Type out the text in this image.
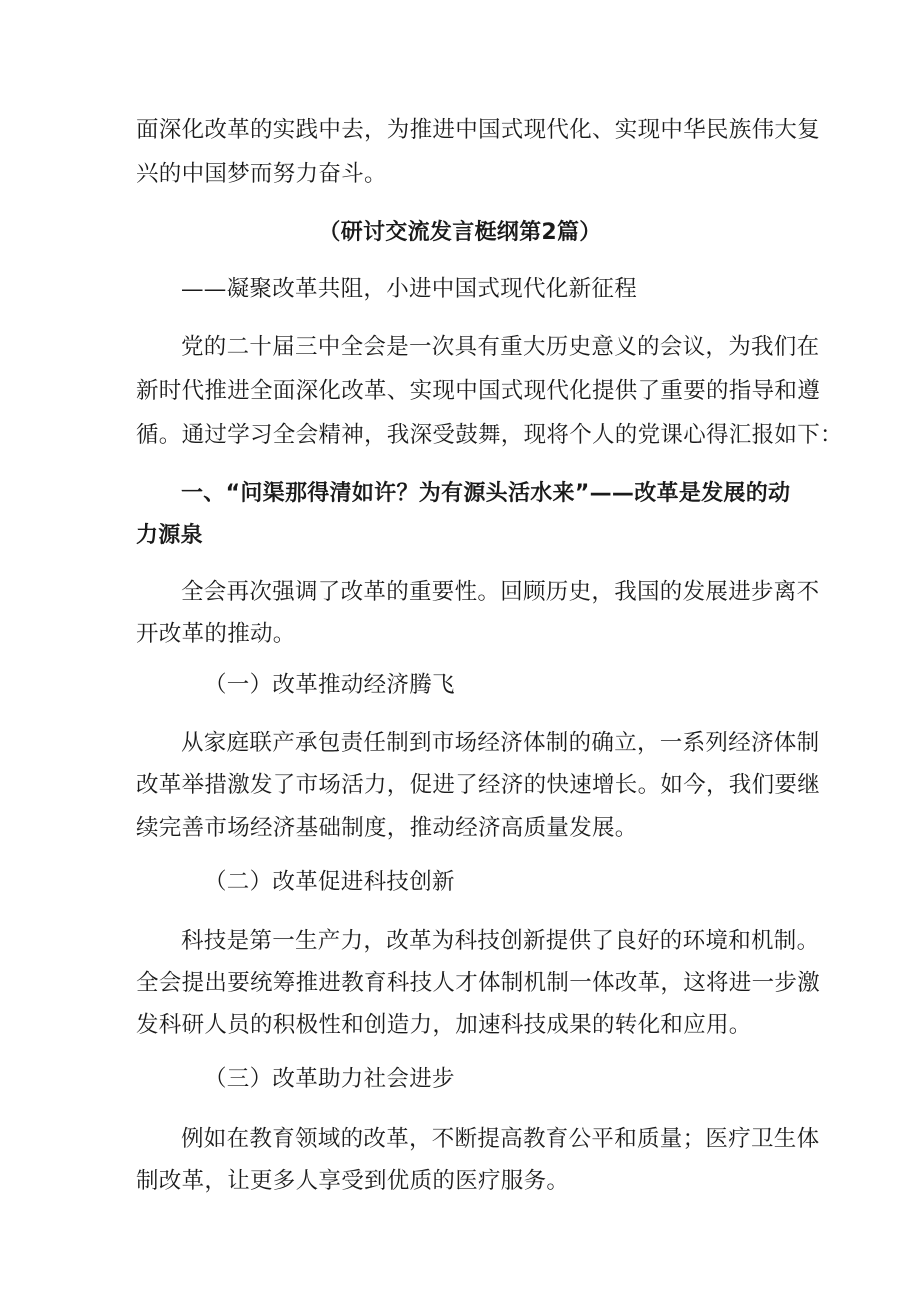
面深化改革的实践中去，为推进中国式现代化、实现中华民族伟大复

兴的中国梦而努力奋斗。

（研讨交流发言梃纲第2篇）

——凝聚改革共阻，小进中国式现代化新征程

党的二十届三中全会是一次具有重大历史意义的会议，为我们在

新时代推进全面深化改革、实现中国式现代化提供了重要的指导和遵

循。通过学习全会精神，我深受鼓舞，现将个人的党课心得汇报如下：

一、“问渠那得清如许？为有源头活水来”——改革是发展的动

力源泉

全会再次强调了改革的重要性。回顾历史，我国的发展进步离不

开改革的推动。

（一）改革推动经济腾飞

从家庭联产承包责任制到市场经济体制的确立，一系列经济体制

改革举措激发了市场活力，促进了经济的快速增长。如今，我们要继

续完善市场经济基础制度，推动经济高质量发展。

（二）改革促进科技创新

科技是第一生产力，改革为科技创新提供了良好的环境和机制。

全会提出要统筹推进教育科技人才体制机制一体改革，这将进一步激

发科研人员的积极性和创造力，加速科技成果的转化和应用。

（三）改革助力社会进步

例如在教育领域的改革，不断提高教育公平和质量；医疗卫生体

制改革，让更多人享受到优质的医疗服务。
